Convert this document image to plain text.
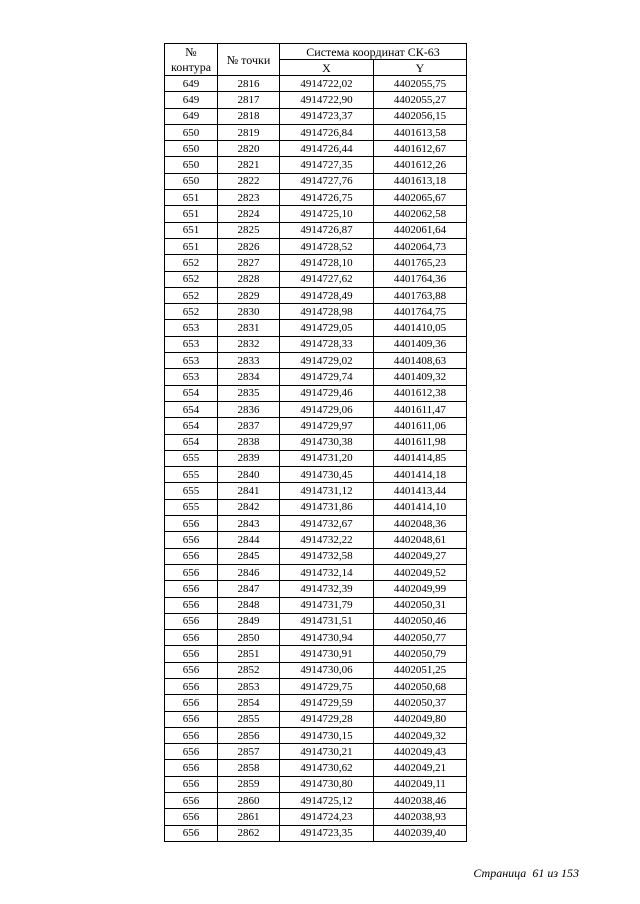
№
контура	№ точки	Система координат СК-63	
		X	Y
649	2816	4914722,02	4402055,75
649	2817	4914722,90	4402055,27
649	2818	4914723,37	4402056,15
650	2819	4914726,84	4401613,58
650	2820	4914726,44	4401612,67
650	2821	4914727,35	4401612,26
650	2822	4914727,76	4401613,18
651	2823	4914726,75	4402065,67
651	2824	4914725,10	4402062,58
651	2825	4914726,87	4402061,64
651	2826	4914728,52	4402064,73
652	2827	4914728,10	4401765,23
652	2828	4914727,62	4401764,36
652	2829	4914728,49	4401763,88
652	2830	4914728,98	4401764,75
653	2831	4914729,05	4401410,05
653	2832	4914728,33	4401409,36
653	2833	4914729,02	4401408,63
653	2834	4914729,74	4401409,32
654	2835	4914729,46	4401612,38
654	2836	4914729,06	4401611,47
654	2837	4914729,97	4401611,06
654	2838	4914730,38	4401611,98
655	2839	4914731,20	4401414,85
655	2840	4914730,45	4401414,18
655	2841	4914731,12	4401413,44
655	2842	4914731,86	4401414,10
656	2843	4914732,67	4402048,36
656	2844	4914732,22	4402048,61
656	2845	4914732,58	4402049,27
656	2846	4914732,14	4402049,52
656	2847	4914732,39	4402049,99
656	2848	4914731,79	4402050,31
656	2849	4914731,51	4402050,46
656	2850	4914730,94	4402050,77
656	2851	4914730,91	4402050,79
656	2852	4914730,06	4402051,25
656	2853	4914729,75	4402050,68
656	2854	4914729,59	4402050,37
656	2855	4914729,28	4402049,80
656	2856	4914730,15	4402049,32
656	2857	4914730,21	4402049,43
656	2858	4914730,62	4402049,21
656	2859	4914730,80	4402049,11
656	2860	4914725,12	4402038,46
656	2861	4914724,23	4402038,93
656	2862	4914723,35	4402039,40
Страница 61 из 153
